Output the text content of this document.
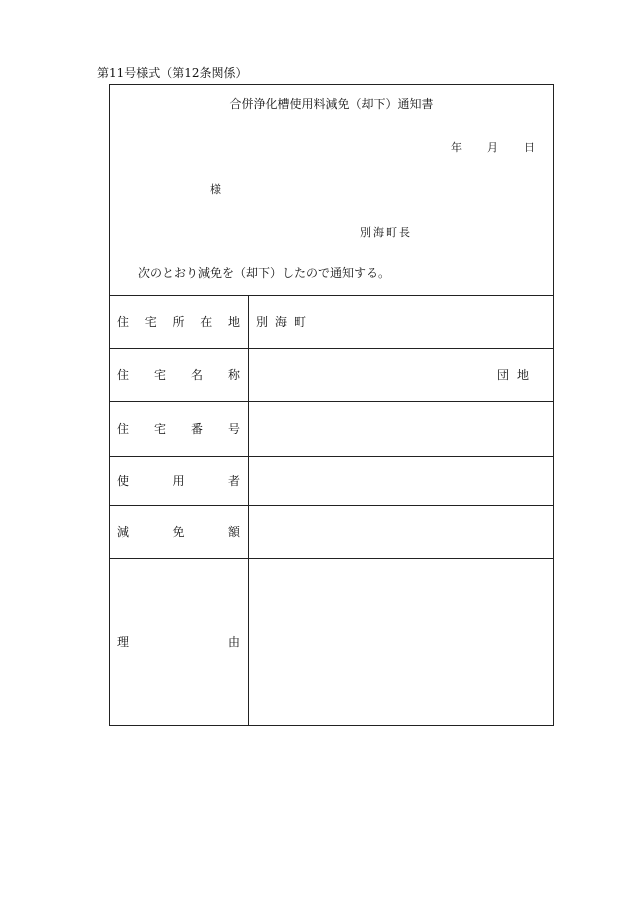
第11号様式（第12条関係）
合併浄化槽使用料減免（却下）通知書
年 月 日
様
別海町長
次のとおり減免を（却下）したので通知する。
住 宅 所 在 地 別海町
住 宅 名 称	団地
住 宅 番 号
使	用	者
減	免	額
理	由
